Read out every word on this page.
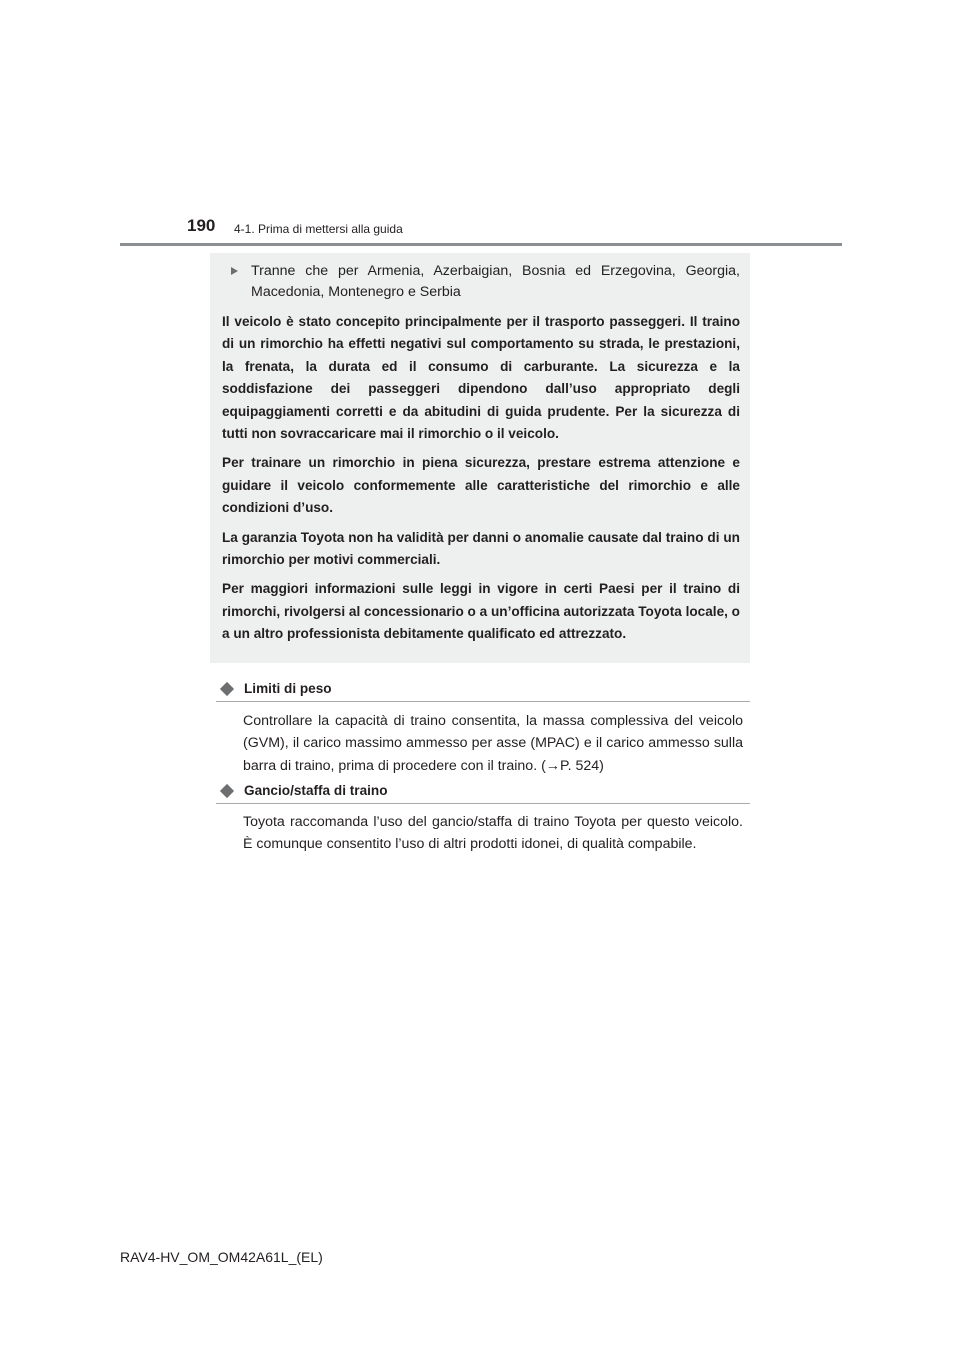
190 4-1. Prima di mettersi alla guida
Tranne che per Armenia, Azerbaigian, Bosnia ed Erzegovina, Georgia, Macedonia, Montenegro e Serbia

Il veicolo è stato concepito principalmente per il trasporto passeggeri. Il traino di un rimorchio ha effetti negativi sul comportamento su strada, le prestazioni, la frenata, la durata ed il consumo di carburante. La sicurezza e la soddisfazione dei passeggeri dipendono dall’uso appropriato degli equipaggiamenti corretti e da abitudini di guida prudente. Per la sicurezza di tutti non sovraccaricare mai il rimorchio o il veicolo.

Per trainare un rimorchio in piena sicurezza, prestare estrema attenzione e guidare il veicolo conformemente alle caratteristiche del rimorchio e alle condizioni d’uso.

La garanzia Toyota non ha validità per danni o anomalie causate dal traino di un rimorchio per motivi commerciali.

Per maggiori informazioni sulle leggi in vigore in certi Paesi per il traino di rimorchi, rivolgersi al concessionario o a un’officina autorizzata Toyota locale, o a un altro professionista debitamente qualificato ed attrezzato.

Limiti di peso

Controllare la capacità di traino consentita, la massa complessiva del veicolo (GVM), il carico massimo ammesso per asse (MPAC) e il carico ammesso sulla barra di traino, prima di procedere con il traino. (→P. 524)

Gancio/staffa di traino

Toyota raccomanda l’uso del gancio/staffa di traino Toyota per questo veicolo. È comunque consentito l’uso di altri prodotti idonei, di qualità compabile.

RAV4-HV_OM_OM42A61L_(EL)
